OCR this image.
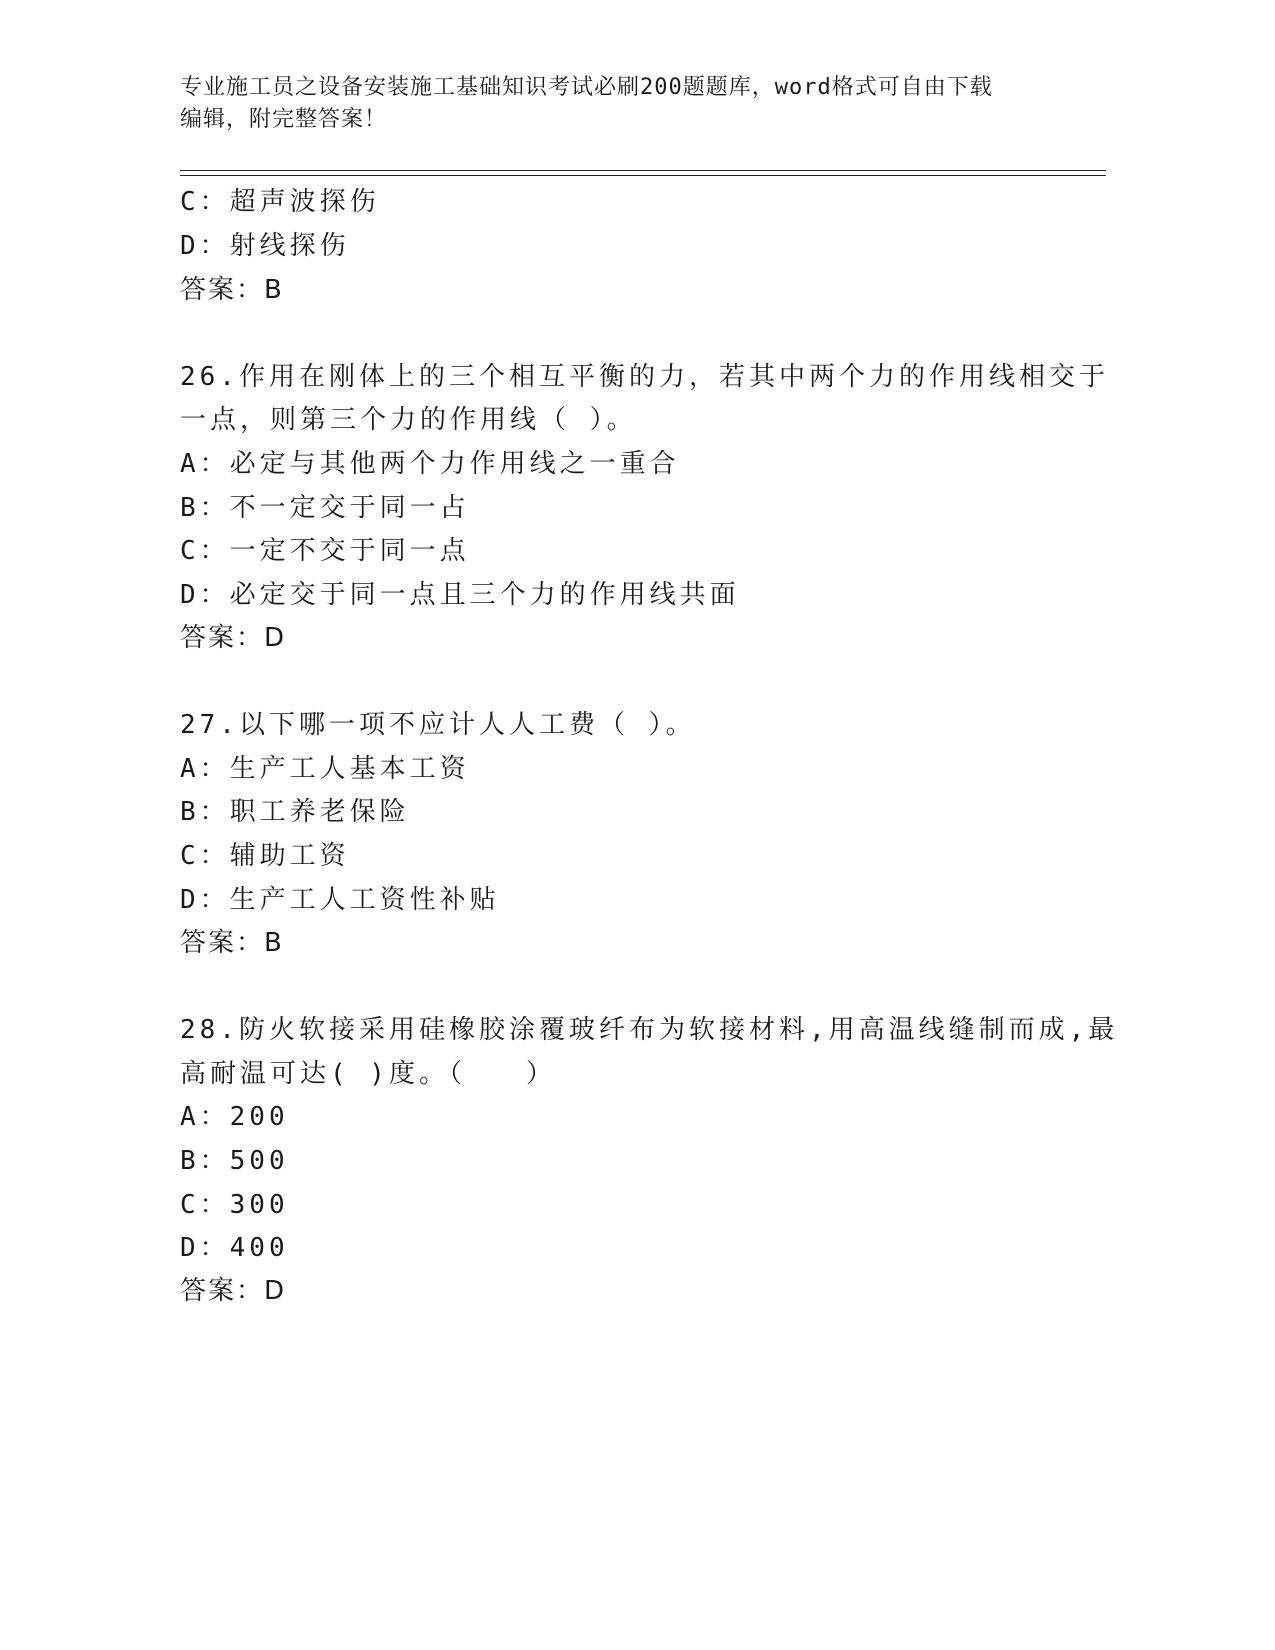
专业施工员之设备安装施工基础知识考试必刷200题题库，word格式可自由下载
编辑，附完整答案！
C：超声波探伤
D：射线探伤
答案：B
26.作用在刚体上的三个相互平衡的力，若其中两个力的作用线相交于
一点，则第三个力的作用线（ ）。
A：必定与其他两个力作用线之一重合
B：不一定交于同一占
C：一定不交于同一点
D：必定交于同一点且三个力的作用线共面
答案：D
27.以下哪一项不应计人人工费（ ）。
A：生产工人基本工资
B：职工养老保险
C：辅助工资
D：生产工人工资性补贴
答案：B
28.防火软接采用硅橡胶涂覆玻纤布为软接材料,用高温线缝制而成,最
高耐温可达( )度。（　　）
A：200
B：500
C：300
D：400
答案：D
